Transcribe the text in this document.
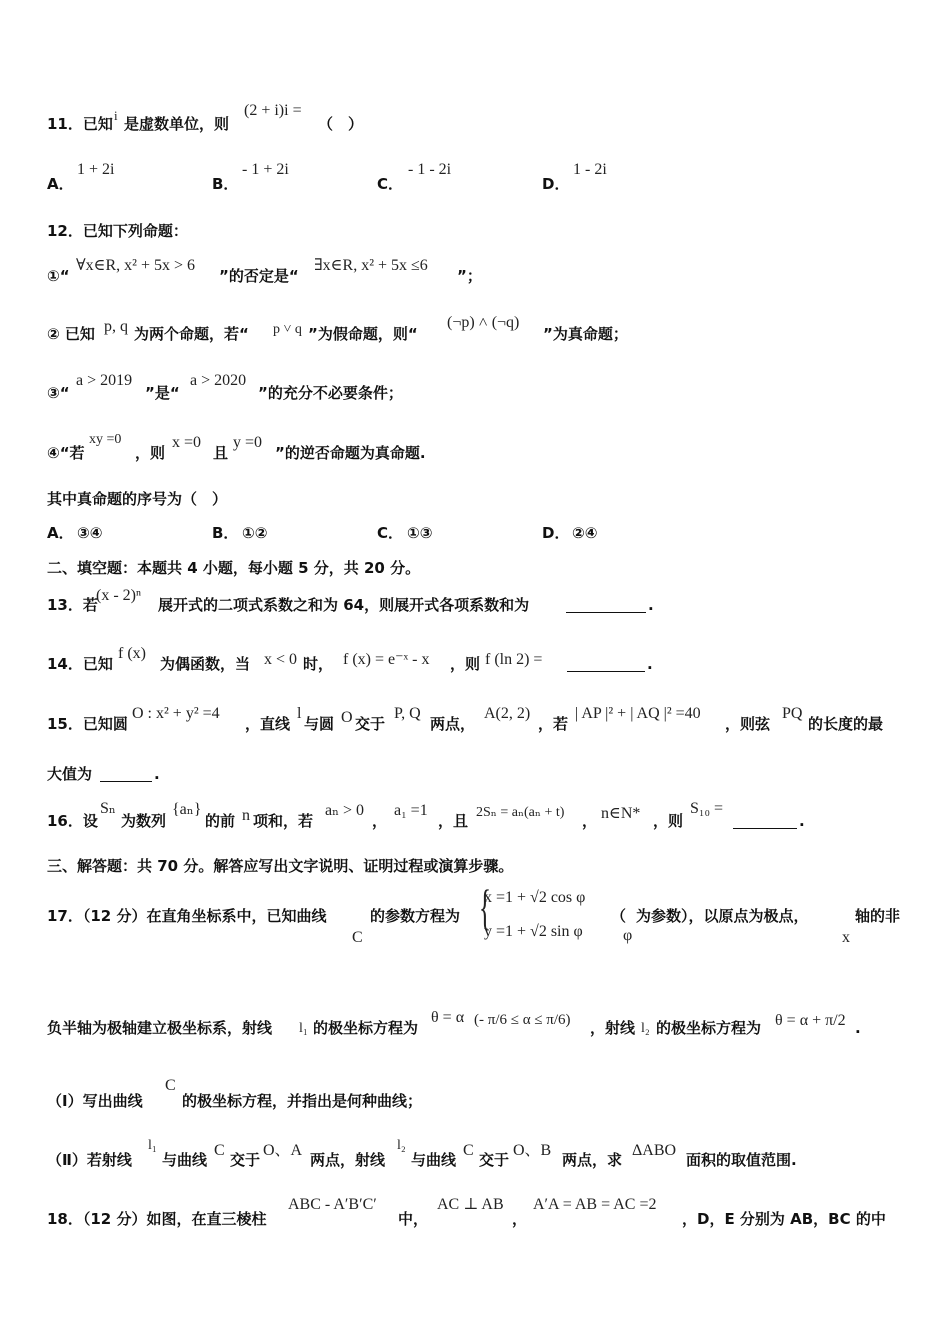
11．已知 i 是虚数单位，则
(2 + i)i =
（　）
A．
1 + 2i
B．
- 1 + 2i
C．
- 1 - 2i
D．
1 - 2i
12．已知下列命题：
①“
∀x∈R, x² + 5x > 6
”的否定是“
∃x∈R, x² + 5x ≤6
”；
② 已知 p, q 为两个命题，若“ p ˅ q ”为假命题，则“
(¬p) ˄ (¬q)
”为真命题；
③“
a > 2019
”是“
a > 2020
”的充分不必要条件；
④“若
xy =0
，则
x =0
且
y =0
”的逆否命题为真命题.
其中真命题的序号为（　）
A． ③④	B． ①②	C． ①③	D． ②④
二、填空题：本题共 4 小题，每小题 5 分，共 20 分。
13．若
(x - 2)ⁿ
展开式的二项式系数之和为 64，则展开式各项系数和为	.
14．已知
f (x)
为偶函数，当 x < 0 时， f (x) = e⁻ˣ - x ，则 f (ln 2) =	.
15．已知圆
O : x² + y² =4
，直线
l
与圆 O 交于
P, Q
两点，
A(2, 2)
，若
| AP |² + | AQ |² =40
，则弦
PQ
的长度的最
大值为	.
16．设
Sₙ
为数列
{aₙ}
的前 n 项和，若
aₙ > 0
，
a₁ =1
，且 2Sₙ = aₙ(aₙ + t) ， n∈N* ，则
S₁₀ =
.
三、解答题：共 70 分。解答应写出文字说明、证明过程或演算步骤。
17．（12 分）在直角坐标系中，已知曲线
C
的参数方程为 {
x =1 + √2 cos φ
y =1 + √2 sin φ
（
φ
为参数），以原点为极点，
x
轴的非
负半轴为极轴建立极坐标系，射线 l₁ 的极坐标方程为
θ = α (- π/6 ≤ α ≤ π/6) ，射线 l₂ 的极坐标方程为 θ = α + π/2 .
（Ⅰ）写出曲线
C
的极坐标方程，并指出是何种曲线；
（Ⅱ）若射线
l₁
与曲线
C
交于
O、A
两点，射线
l₂
与曲线
C
交于
O、B
两点，求
ΔABO
面积的取值范围.
18．（12 分）如图，在直三棱柱
ABC - A′B′C′
中，
AC ⊥ AB
，
A′A = AB = AC =2
，D，E 分别为 AB，BC 的中
